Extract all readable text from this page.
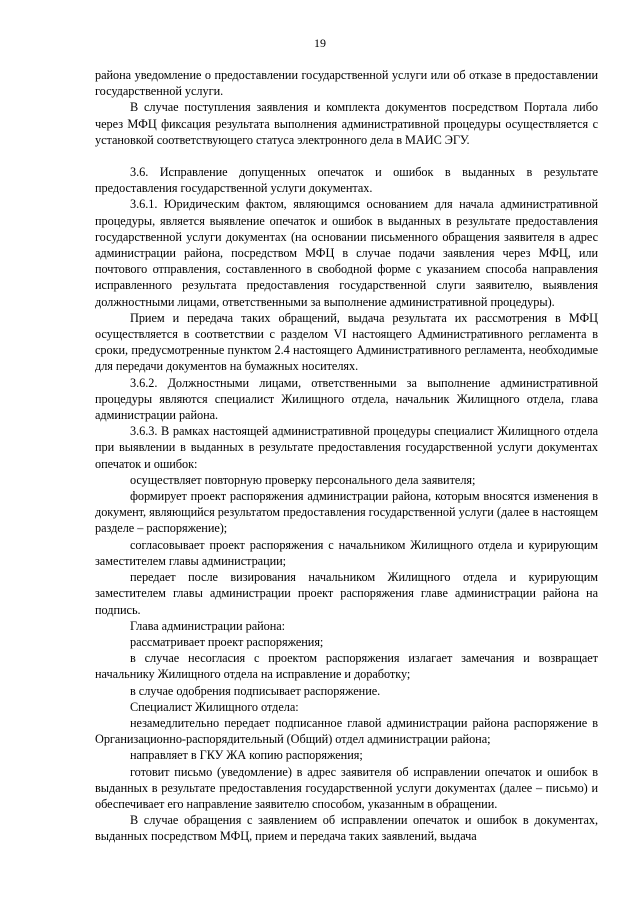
19

района уведомление о предоставлении государственной услуги или об отказе в предоставлении государственной услуги.

В случае поступления заявления и комплекта документов посредством Портала либо через МФЦ фиксация результата выполнения административной процедуры осуществляется с установкой соответствующего статуса электронного дела в МАИС ЭГУ.

3.6. Исправление допущенных опечаток и ошибок в выданных в результате предоставления государственной услуги документах.

3.6.1. Юридическим фактом, являющимся основанием для начала административной процедуры, является выявление опечаток и ошибок в выданных в результате предоставления государственной услуги документах (на основании письменного обращения заявителя в адрес администрации района, посредством МФЦ в случае подачи заявления через МФЦ, или почтового отправления, составленного в свободной форме с указанием способа направления исправленного результата предоставления государственной слуги заявителю, выявления должностными лицами, ответственными за выполнение административной процедуры).

Прием и передача таких обращений, выдача результата их рассмотрения в МФЦ осуществляется в соответствии с разделом VI настоящего Административного регламента в сроки, предусмотренные пунктом 2.4 настоящего Административного регламента, необходимые для передачи документов на бумажных носителях.

3.6.2. Должностными лицами, ответственными за выполнение административной процедуры являются специалист Жилищного отдела, начальник Жилищного отдела, глава администрации района.

3.6.3. В рамках настоящей административной процедуры специалист Жилищного отдела при выявлении в выданных в результате предоставления государственной услуги документах опечаток и ошибок:

осуществляет повторную проверку персонального дела заявителя;

формирует проект распоряжения администрации района, которым вносятся изменения в документ, являющийся результатом предоставления государственной услуги (далее в настоящем разделе – распоряжение);

согласовывает проект распоряжения с начальником Жилищного отдела и курирующим заместителем главы администрации;

передает после визирования начальником Жилищного отдела и курирующим заместителем главы администрации проект распоряжения главе администрации района на подпись.

Глава администрации района:

рассматривает проект распоряжения;

в случае несогласия с проектом распоряжения излагает замечания и возвращает начальнику Жилищного отдела на исправление и доработку;

в случае одобрения подписывает распоряжение.

Специалист Жилищного отдела:

незамедлительно передает подписанное главой администрации района распоряжение в Организационно-распорядительный (Общий) отдел администрации района;

направляет в ГКУ ЖА копию распоряжения;

готовит письмо (уведомление) в адрес заявителя об исправлении опечаток и ошибок в выданных в результате предоставления государственной услуги документах (далее – письмо) и обеспечивает его направление заявителю способом, указанным в обращении.

В случае обращения с заявлением об исправлении опечаток и ошибок в документах, выданных посредством МФЦ, прием и передача таких заявлений, выдача
